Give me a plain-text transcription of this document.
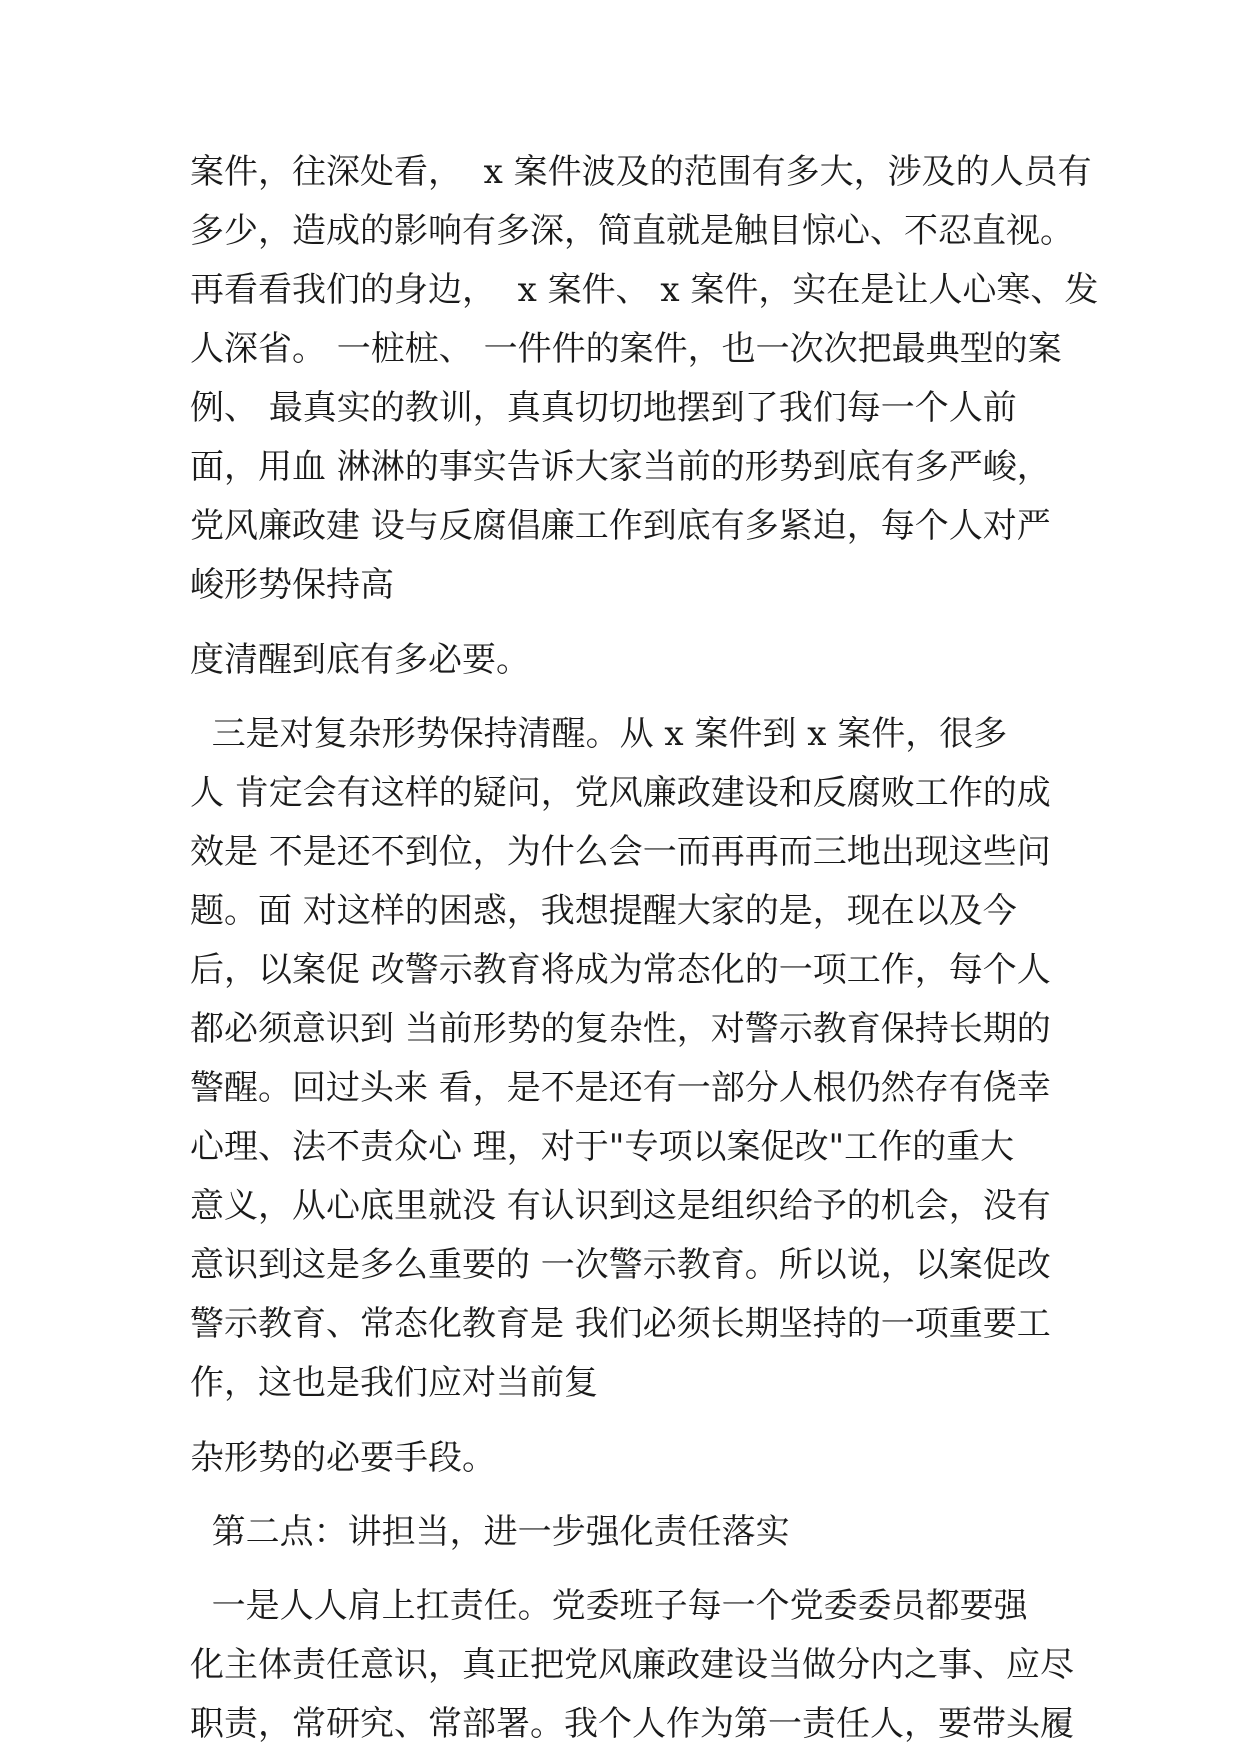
案件，往深处看，  x 案件波及的范围有多大，涉及的人员有
多少，造成的影响有多深，简直就是触目惊心、不忍直视。
再看看我们的身边，  x 案件、 x 案件，实在是让人心寒、发
人深省。 一桩桩、 一件件的案件，也一次次把最典型的案
例、 最真实的教训，真真切切地摆到了我们每一个人前
面，用血 淋淋的事实告诉大家当前的形势到底有多严峻，
党风廉政建 设与反腐倡廉工作到底有多紧迫，每个人对严
峻形势保持高
度清醒到底有多必要。
三是对复杂形势保持清醒。从 x 案件到 x 案件，很多
人 肯定会有这样的疑问，党风廉政建设和反腐败工作的成
效是 不是还不到位，为什么会一而再再而三地出现这些问
题。面 对这样的困惑，我想提醒大家的是，现在以及今
后，以案促 改警示教育将成为常态化的一项工作，每个人
都必须意识到 当前形势的复杂性，对警示教育保持长期的
警醒。回过头来 看，是不是还有一部分人根仍然存有侥幸
心理、法不责众心 理，对于"专项以案促改"工作的重大
意义，从心底里就没 有认识到这是组织给予的机会，没有
意识到这是多么重要的 一次警示教育。所以说，以案促改
警示教育、常态化教育是 我们必须长期坚持的一项重要工
作，这也是我们应对当前复
杂形势的必要手段。
第二点：讲担当，进一步强化责任落实
一是人人肩上扛责任。党委班子每一个党委委员都要强
化主体责任意识，真正把党风廉政建设当做分内之事、应尽
职责，常研究、常部署。我个人作为第一责任人，要带头履
